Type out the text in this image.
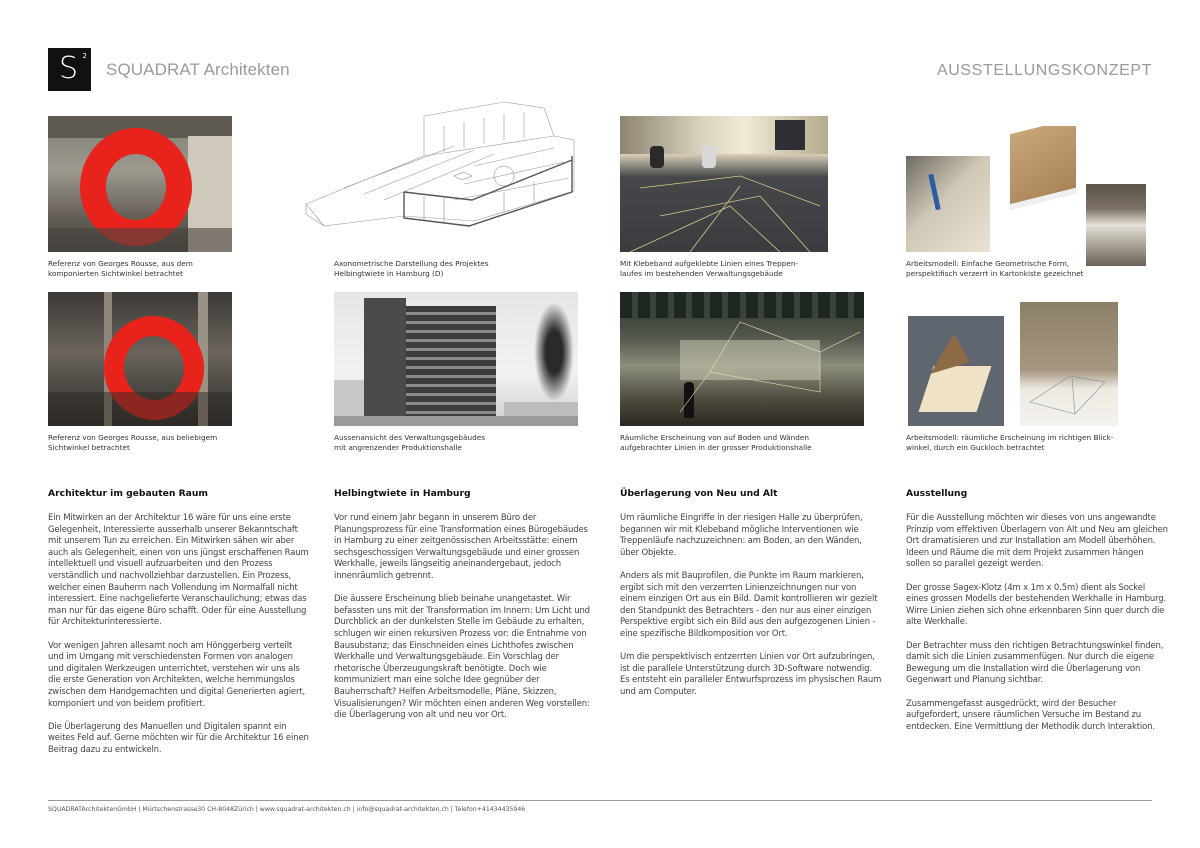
S 2
SQUADRAT Architekten	AUSSTELLUNGSKONZEPT
Referenz von Georges Rousse, aus dem
komponierten Sichtwinkel betrachtet
Axonometrische Darstellung des Projektes
Helbingtwiete in Hamburg (D)
Mit Klebeband aufgeklebte Linien eines Treppen-
laufes im bestehenden Verwaltungsgebäude
Arbeitsmodell: Einfache Geometrische Form,
perspektifisch verzerrt in Kartonkiste gezeichnet
Referenz von Georges Rousse, aus beliebigem
Sichtwinkel betrachtet
Aussenansicht des Verwaltungsgebäudes
mit angrenzender Produktionshalle
Räumliche Erscheinung von auf Boden und Wänden
aufgebrachter Linien in der grosser Produktionshalle
Arbeitsmodell: räumliche Erscheinung im richtigen Blick-
winkel, durch ein Guckloch betrachtet
Architektur im gebauten Raum

Ein Mitwirken an der Architektur 16 wäre für uns eine erste Gelegenheit, Interessierte ausserhalb unserer Bekanntschaft mit unserem Tun zu erreichen. Ein Mitwirken sähen wir aber auch als Gelegenheit, einen von uns jüngst erschaffenen Raum intellektuell und visuell aufzuarbeiten und den Prozess verständlich und nachvollziehbar darzustellen. Ein Prozess, welcher einen Bauherrn nach Vollendung im Normalfall nicht interessiert. Eine nachgelieferte Veranschaulichung; etwas das man nur für das eigene Büro schafft. Oder für eine Ausstellung für Architekturinteressierte.

Vor wenigen Jahren allesamt noch am Hönggerberg verteilt und im Umgang mit verschiedensten Formen von analogen und digitalen Werkzeugen unterrichtet, verstehen wir uns als die erste Generation von Architekten, welche hemmungslos zwischen dem Handgemachten und digital Generierten agiert, komponiert und von beidem profitiert.

Die Überlagerung des Manuellen und Digitalen spannt ein weites Feld auf. Gerne möchten wir für die Architektur 16 einen Beitrag dazu zu entwickeln.

Helbingtwiete in Hamburg

Vor rund einem Jahr begann in unserem Büro der Planungsprozess für eine Transformation eines Bürogebäudes in Hamburg zu einer zeitgenössischen Arbeitsstätte: einem sechsgeschossigen Verwaltungsgebäude und einer grossen Werkhalle, jeweils längseitig aneinandergebaut, jedoch innenräumlich getrennt.

Die äussere Erscheinung blieb beinahe unangetastet. Wir befassten uns mit der Transformation im Innern: Um Licht und Durchblick an der dunkelsten Stelle im Gebäude zu erhalten, schlugen wir einen rekursiven Prozess vor: die Entnahme von Bausubstanz; das Einschneiden eines Lichthofes zwischen Werkhalle und Verwaltungsgebäude. Ein Vorschlag der rhetorische Überzeugungskraft benötigte. Doch wie kommuniziert man eine solche Idee gegnüber der Bauherrschaft? Helfen Arbeitsmodelle, Pläne, Skizzen, Visualisierungen? Wir möchten einen anderen Weg vorstellen: die Überlagerung von alt und neu vor Ort.

Überlagerung von Neu und Alt

Um räumliche Eingriffe in der riesigen Halle zu überprüfen, begannen wir mit Klebeband mögliche Interventionen wie Treppenläufe nachzuzeichnen: am Boden, an den Wänden, über Objekte.

Anders als mit Bauprofilen, die Punkte im Raum markieren, ergibt sich mit den verzerrten Linienzeichnungen nur von einem einzigen Ort aus ein Bild. Damit kontrollieren wir gezielt den Standpunkt des Betrachters - den nur aus einer einzigen Perspektive ergibt sich ein Bild aus den aufgezogenen Linien - eine spezifische Bildkomposition vor Ort.

Um die perspektivisch entzerrten Linien vor Ort aufzubringen, ist die parallele Unterstützung durch 3D-Software notwendig. Es entsteht ein paralleler Entwurfsprozess im physischen Raum und am Computer.

Ausstellung

Für die Ausstellung möchten wir dieses von uns angewandte Prinzip vom effektiven Überlagern von Alt und Neu am gleichen Ort dramatisieren und zur Installation am Modell überhöhen. Ideen und Räume die mit dem Projekt zusammen hängen sollen so parallel gezeigt werden.

Der grosse Sagex-Klotz (4m x 1m x 0.5m) dient als Sockel eines grossen Modells der bestehenden Werkhalle in Hamburg. Wirre Linien ziehen sich ohne erkennbaren Sinn quer durch die alte Werkhalle.

Der Betrachter muss den richtigen Betrachtungswinkel finden, damit sich die Linien zusammenfügen. Nur durch die eigene Bewegung um die Installation wird die Überlagerung von Gegenwart und Planung sichtbar.

Zusammengefasst ausgedrückt, wird der Besucher aufgefordert, unsere räumlichen Versuche im Bestand zu entdecken. Eine Vermittlung der Methodik durch Interaktion.

SQUADRATArchitektenGmbH | Mürtschenstrasse30 CH-8048Zürich | www.squadrat-architekten.ch | info@squadrat-architekten.ch | Telefon+41434435946
